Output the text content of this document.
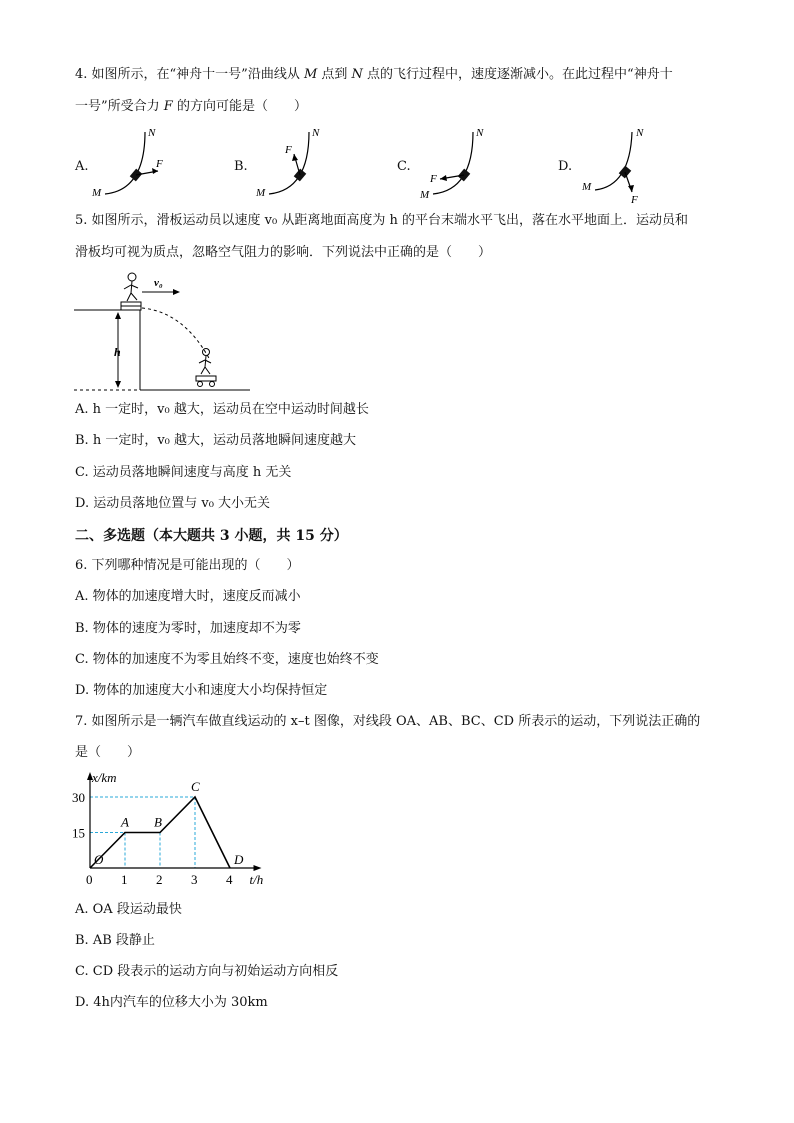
4. 如图所示，在“神舟十一号”沿曲线从 M 点到 N 点的飞行过程中，速度逐渐减小。在此过程中“神舟十
一号”所受合力 F 的方向可能是（　　）
A.
N
M
F	B.
N
M
F
C.
N
M
F
D.
N
M
F
5. 如图所示，滑板运动员以速度 v₀ 从距离地面高度为 h 的平台末端水平飞出，落在水平地面上．运动员和
滑板均可视为质点，忽略空气阻力的影响．下列说法中正确的是（　　）
h
v₀
A. h 一定时，v₀ 越大，运动员在空中运动时间越长
B. h 一定时，v₀ 越大，运动员落地瞬间速度越大
C. 运动员落地瞬间速度与高度 h 无关
D. 运动员落地位置与 v₀ 大小无关
二、多选题（本大题共 3 小题，共 15 分）
6. 下列哪种情况是可能出现的（　　）
A. 物体的加速度增大时，速度反而减小
B. 物体的速度为零时，加速度却不为零
C. 物体的加速度不为零且始终不变，速度也始终不变
D. 物体的加速度大小和速度大小均保持恒定
7. 如图所示是一辆汽车做直线运动的 x–t 图像，对线段 OA、AB、BC、CD 所表示的运动，下列说法正确的
是（　　）
t/h
x/km
0 1 2 3 4
15
30
O
A B
C
D
A. OA 段运动最快
B. AB 段静止
C. CD 段表示的运动方向与初始运动方向相反
D. 4h内汽车的位移大小为 30km
